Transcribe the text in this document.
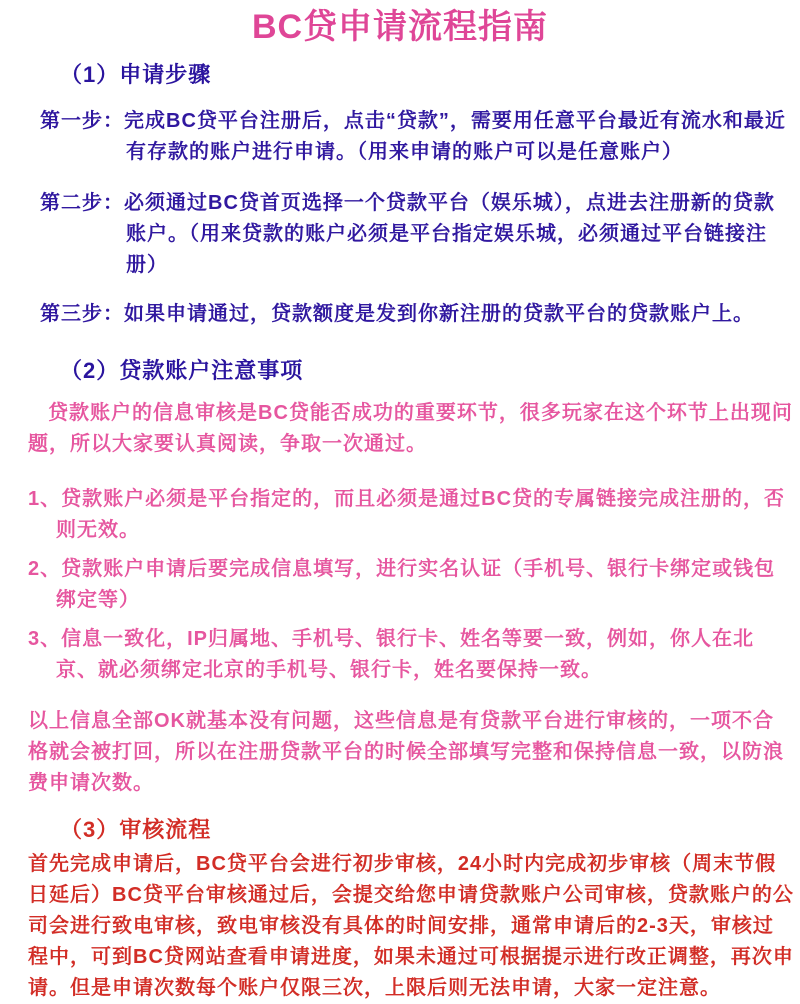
BC贷申请流程指南
（1）申请步骤

第一步：完成BC贷平台注册后，点击“贷款”，需要用任意平台最近有流水和最近有存款的账户进行申请。（用来申请的账户可以是任意账户）

第二步：必须通过BC贷首页选择一个贷款平台（娱乐城），点进去注册新的贷款账户。（用来贷款的账户必须是平台指定娱乐城，必须通过平台链接注册）

第三步：如果申请通过，贷款额度是发到你新注册的贷款平台的贷款账户上。

（2）贷款账户注意事项

贷款账户的信息审核是BC贷能否成功的重要环节，很多玩家在这个环节上出现问题，所以大家要认真阅读，争取一次通过。

1、贷款账户必须是平台指定的，而且必须是通过BC贷的专属链接完成注册的，否则无效。

2、贷款账户申请后要完成信息填写，进行实名认证（手机号、银行卡绑定或钱包绑定等）

3、信息一致化，IP归属地、手机号、银行卡、姓名等要一致，例如，你人在北京、就必须绑定北京的手机号、银行卡，姓名要保持一致。

以上信息全部OK就基本没有问题，这些信息是有贷款平台进行审核的，一项不合格就会被打回，所以在注册贷款平台的时候全部填写完整和保持信息一致，以防浪费申请次数。

（3）审核流程

首先完成申请后，BC贷平台会进行初步审核，24小时内完成初步审核（周末节假日延后）BC贷平台审核通过后，会提交给您申请贷款账户公司审核，贷款账户的公司会进行致电审核，致电审核没有具体的时间安排，通常申请后的2-3天，审核过程中，可到BC贷网站查看申请进度，如果未通过可根据提示进行改正调整，再次申请。但是申请次数每个账户仅限三次，上限后则无法申请，大家一定注意。
